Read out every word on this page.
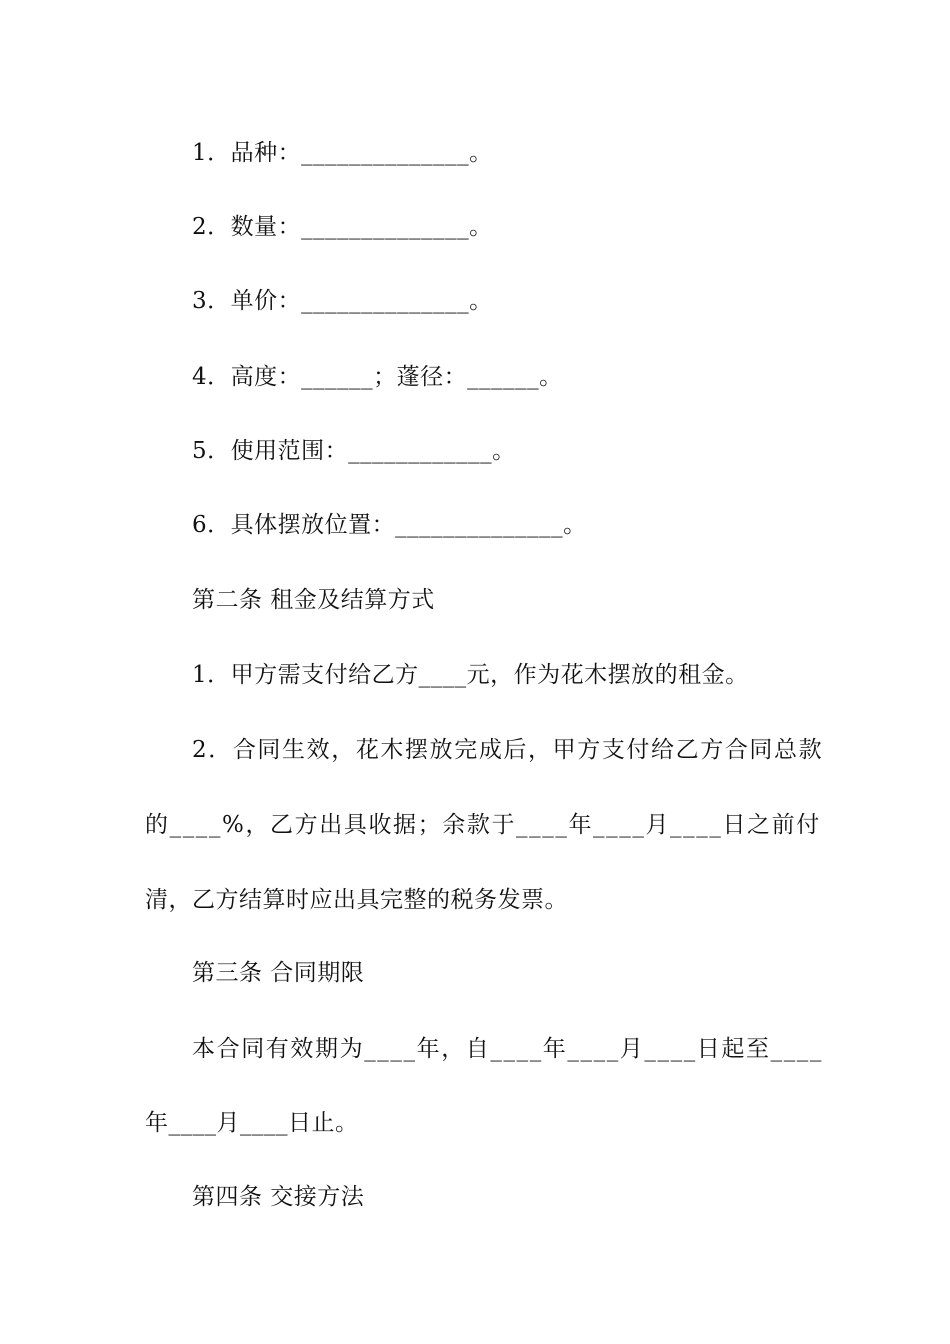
1．品种：______________。
2．数量：______________。
3．单价：______________。
4．高度：______；蓬径：______。
5．使用范围：____________。
6．具体摆放位置：______________。
第二条 租金及结算方式
1．甲方需支付给乙方____元，作为花木摆放的租金。
2．合同生效，花木摆放完成后，甲方支付给乙方合同总款
的____%，乙方出具收据；余款于____年____月____日之前付
清，乙方结算时应出具完整的税务发票。
第三条 合同期限
本合同有效期为____年，自____年____月____日起至____
年____月____日止。
第四条 交接方法
